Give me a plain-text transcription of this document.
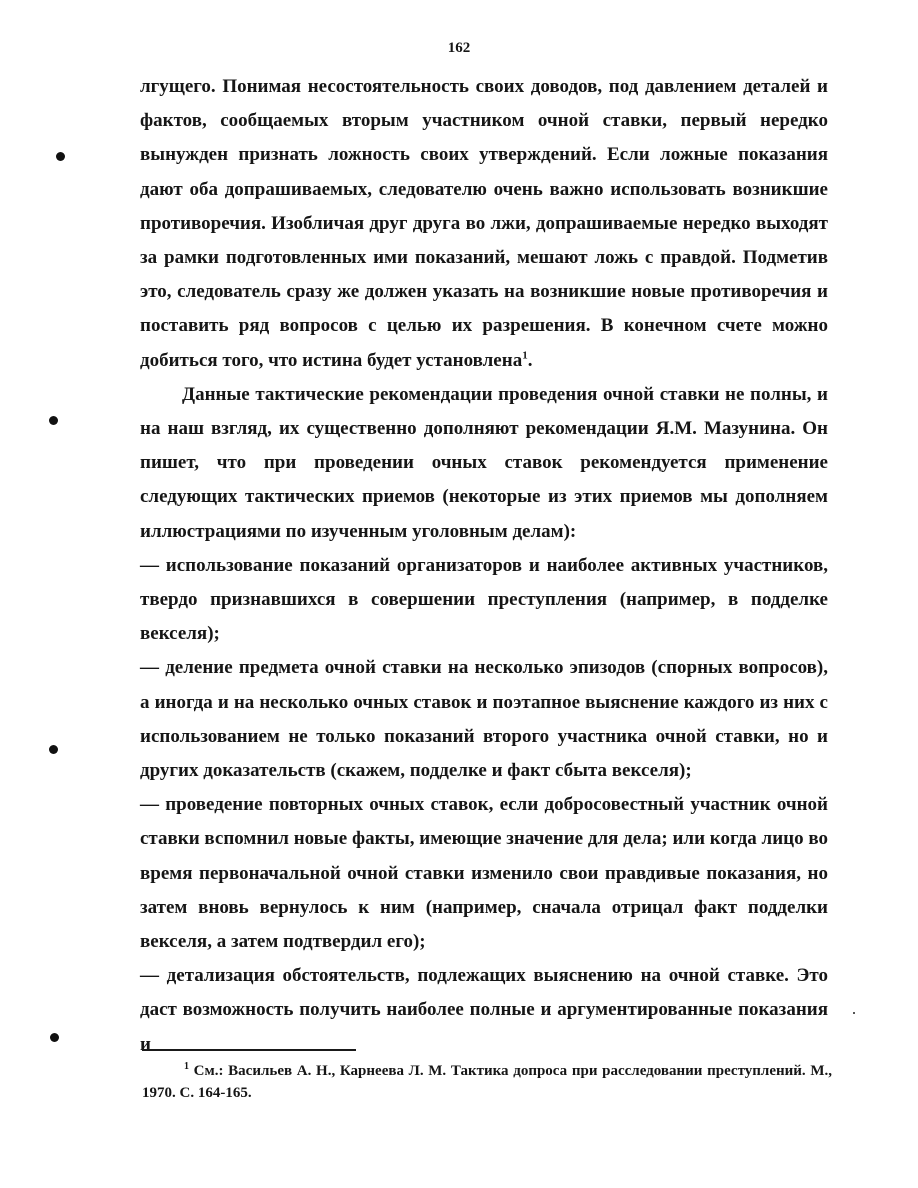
162

лгущего. Понимая несостоятельность своих доводов, под давлением деталей и фактов, сообщаемых вторым участником очной ставки, первый нередко вынужден признать ложность своих утверждений. Если ложные показания дают оба допрашиваемых, следователю очень важно использовать возникшие противоречия. Изобличая друг друга во лжи, допрашиваемые нередко выходят за рамки подготовленных ими показаний, мешают ложь с правдой. Подметив это, следователь сразу же должен указать на возникшие новые противоречия и поставить ряд вопросов с целью их разрешения. В конечном счете можно добиться того, что истина будет установлена$^1$.

Данные тактические рекомендации проведения очной ставки не полны, и на наш взгляд, их существенно дополняют рекомендации Я.М. Мазунина. Он пишет, что при проведении очных ставок рекомендуется применение следующих тактических приемов (некоторые из этих приемов мы дополняем иллюстрациями по изученным уголовным делам):

— использование показаний организаторов и наиболее активных участников, твердо признавшихся в совершении преступления (например, в подделке векселя);

— деление предмета очной ставки на несколько эпизодов (спорных вопросов), а иногда и на несколько очных ставок и поэтапное выяснение каждого из них с использованием не только показаний второго участника очной ставки, но и других доказательств (скажем, подделке и факт сбыта векселя);

— проведение повторных очных ставок, если добросовестный участник очной ставки вспомнил новые факты, имеющие значение для дела; или когда лицо во время первоначальной очной ставки изменило свои правдивые показания, но затем вновь вернулось к ним (например, сначала отрицал факт подделки векселя, а затем подтвердил его);

— детализация обстоятельств, подлежащих выяснению на очной ставке. Это даст возможность получить наиболее полные и аргументированные показания и

$^1$ См.: Васильев А. Н., Карнеева Л. М. Тактика допроса при расследовании преступлений. М., 1970. С. 164-165.
